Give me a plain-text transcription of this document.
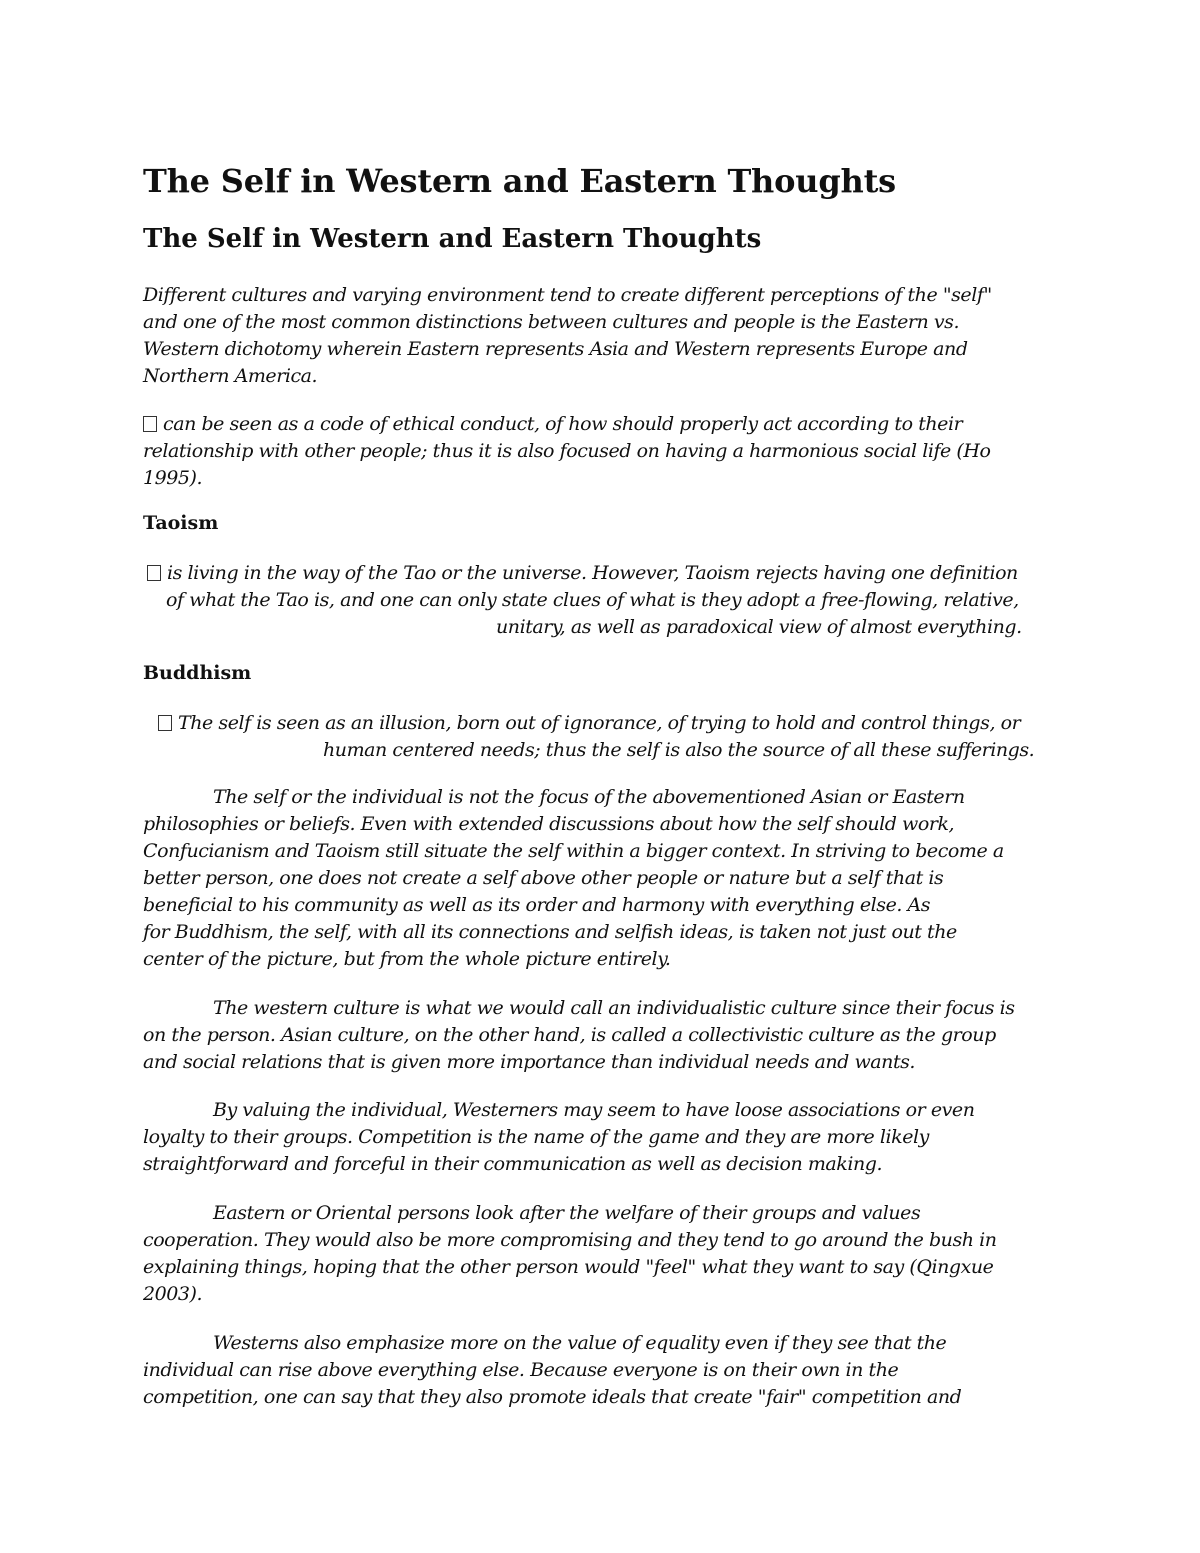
The Self in Western and Eastern Thoughts
The Self in Western and Eastern Thoughts

Different cultures and varying environment tend to create different perceptions of the "self"

and one of the most common distinctions between cultures and people is the Eastern vs.

Western dichotomy wherein Eastern represents Asia and Western represents Europe and

Northern America.

can be seen as a code of ethical conduct, of how should properly act according to their

relationship with other people; thus it is also focused on having a harmonious social life (Ho

1995).

Taoism

is living in the way of the Tao or the universe. However, Taoism rejects having one definition

of what the Tao is, and one can only state clues of what is they adopt a free-flowing, relative,

unitary, as well as paradoxical view of almost everything.

Buddhism

The self is seen as an illusion, born out of ignorance, of trying to hold and control things, or

human centered needs; thus the self is also the source of all these sufferings.

The self or the individual is not the focus of the abovementioned Asian or Eastern

philosophies or beliefs. Even with extended discussions about how the self should work,

Confucianism and Taoism still situate the self within a bigger context. In striving to become a

better person, one does not create a self above other people or nature but a self that is

beneficial to his community as well as its order and harmony with everything else. As

for Buddhism, the self, with all its connections and selfish ideas, is taken not just out the

center of the picture, but from the whole picture entirely.

The western culture is what we would call an individualistic culture since their focus is

on the person. Asian culture, on the other hand, is called a collectivistic culture as the group

and social relations that is given more importance than individual needs and wants.

By valuing the individual, Westerners may seem to have loose associations or even

loyalty to their groups. Competition is the name of the game and they are more likely

straightforward and forceful in their communication as well as decision making.

Eastern or Oriental persons look after the welfare of their groups and values

cooperation. They would also be more compromising and they tend to go around the bush in

explaining things, hoping that the other person would "feel" what they want to say (Qingxue

2003).

Westerns also emphasize more on the value of equality even if they see that the

individual can rise above everything else. Because everyone is on their own in the

competition, one can say that they also promote ideals that create "fair" competition and
